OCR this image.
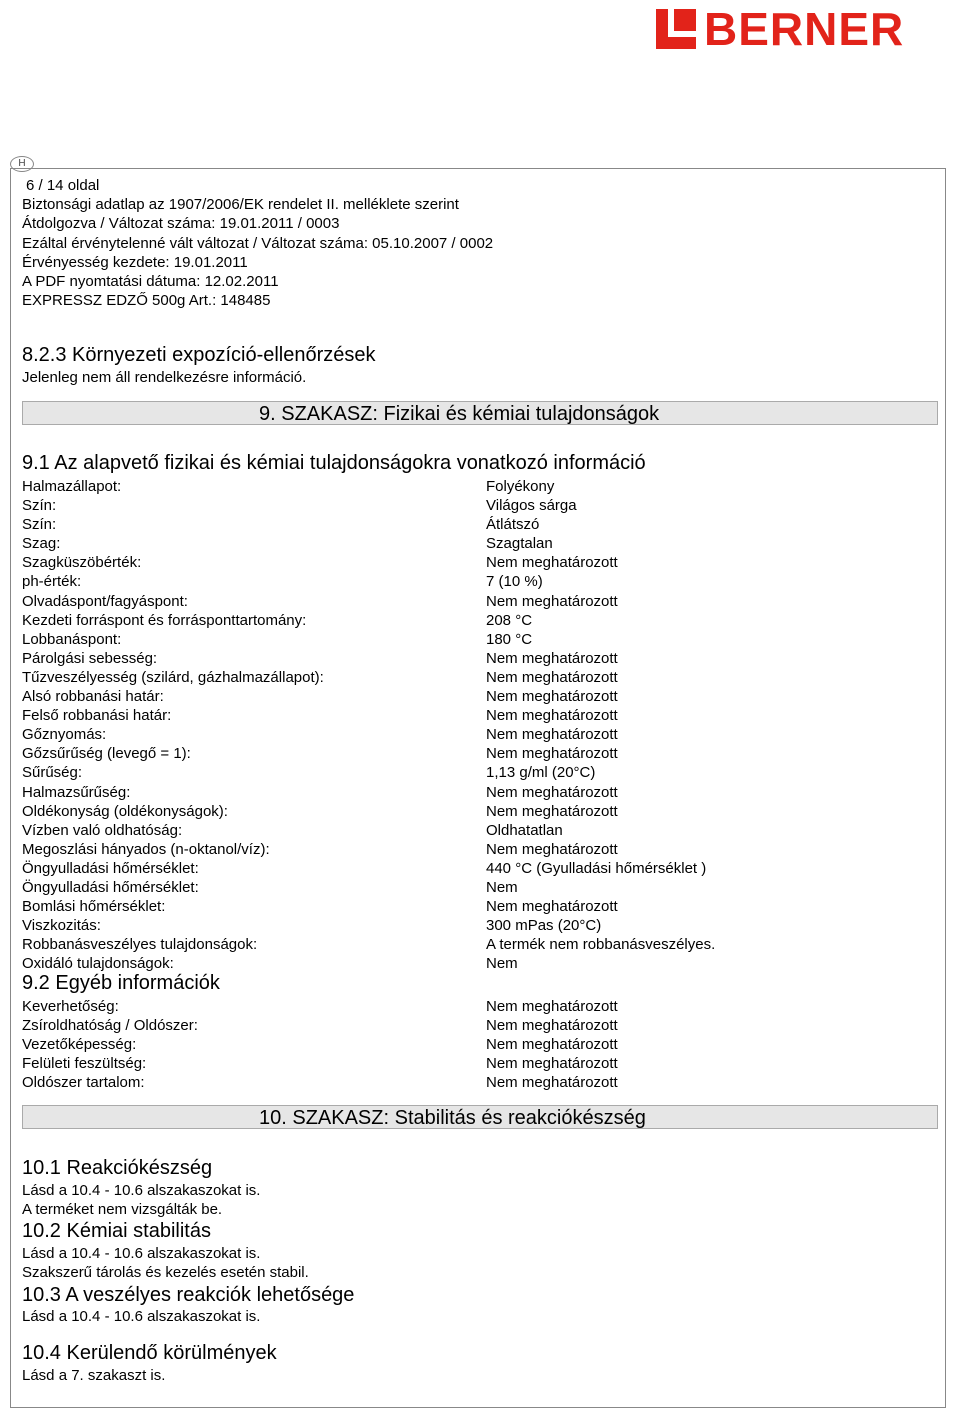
BERNER
H
6 / 14 oldal
Biztonsági adatlap az 1907/2006/EK rendelet II. melléklete szerint
Átdolgozva / Változat száma: 19.01.2011 / 0003
Ezáltal érvénytelenné vált változat / Változat száma: 05.10.2007 / 0002
Érvényesség kezdete: 19.01.2011
A PDF nyomtatási dátuma: 12.02.2011
EXPRESSZ EDZŐ 500g Art.: 148485
8.2.3 Környezeti expozíció-ellenőrzések
Jelenleg nem áll rendelkezésre információ.
9. SZAKASZ: Fizikai és kémiai tulajdonságok
9.1 Az alapvető fizikai és kémiai tulajdonságokra vonatkozó információ
Halmazállapot:	Folyékony
Szín:	Világos sárga
Szín:	Átlátszó
Szag:	Szagtalan
Szagküszöbérték:	Nem meghatározott
ph-érték:	7 (10 %)
Olvadáspont/fagyáspont:	Nem meghatározott
Kezdeti forráspont és forrásponttartomány:	208 °C
Lobbanáspont:	180 °C
Párolgási sebesség:	Nem meghatározott
Tűzveszélyesség (szilárd, gázhalmazállapot):	Nem meghatározott
Alsó robbanási határ:	Nem meghatározott
Felső robbanási határ:	Nem meghatározott
Gőznyomás:	Nem meghatározott
Gőzsűrűség (levegő = 1):	Nem meghatározott
Sűrűség:	1,13 g/ml (20°C)
Halmazsűrűség:	Nem meghatározott
Oldékonyság (oldékonyságok):	Nem meghatározott
Vízben való oldhatóság:	Oldhatatlan
Megoszlási hányados (n-oktanol/víz):	Nem meghatározott
Öngyulladási hőmérséklet:	440 °C (Gyulladási hőmérséklet )
Öngyulladási hőmérséklet:	Nem
Bomlási hőmérséklet:	Nem meghatározott
Viszkozitás:	300 mPas (20°C)
Robbanásveszélyes tulajdonságok:	A termék nem robbanásveszélyes.
Oxidáló tulajdonságok:	Nem
9.2 Egyéb információk
Keverhetőség:	Nem meghatározott
Zsíroldhatóság / Oldószer:	Nem meghatározott
Vezetőképesség:	Nem meghatározott
Felületi feszültség:	Nem meghatározott
Oldószer tartalom:	Nem meghatározott
10. SZAKASZ: Stabilitás és reakciókészség
10.1 Reakciókészség
Lásd a 10.4 - 10.6 alszakaszokat is.
A terméket nem vizsgálták be.
10.2 Kémiai stabilitás
Lásd a 10.4 - 10.6 alszakaszokat is.
Szakszerű tárolás és kezelés esetén stabil.
10.3 A veszélyes reakciók lehetősége
Lásd a 10.4 - 10.6 alszakaszokat is.
10.4 Kerülendő körülmények
Lásd a 7. szakaszt is.
